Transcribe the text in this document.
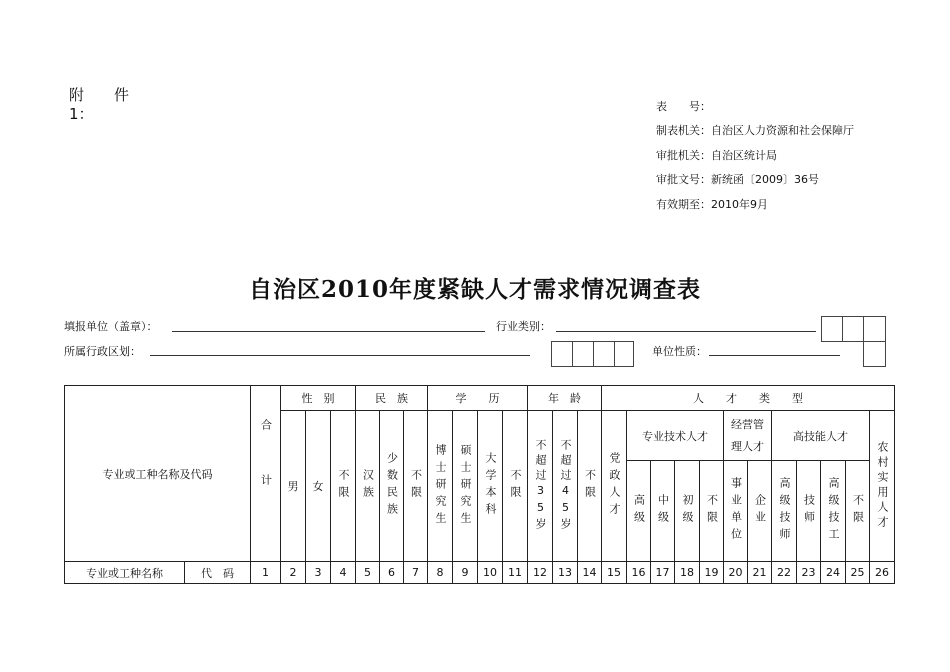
附　　件
1：	表　　号：
制表机关：自治区人力资源和社会保障厅
审批机关：自治区统计局
审批文号：新统函〔2009〕36号
有效期至：2010年9月
自治区2010年度紧缺人才需求情况调查表
填报单位（盖章）：	行业类别：
所属行政区划：	单位性质：
专业或工种名称及代码		合计	性　别			民　族			学　　历				年　龄			人　　才　　类　　型											
			男	女	不限	汉族	少数民族	不限	博士研究生	硕士研究生	大学本科	不限	不超过35岁	不超过45岁	不限	党政人才	专业技术人才				经营管理人才		高技能人才				农村实用人才

																	高级	中级	初级	不限	事业单位	企业	高级技师	技师	高级技工	不限	

专业或工种名称	代　码	1	2	3	4	5	6	7	8	9	10	11	12	13	14	15	16	17	18	19	20	21	22	23	24	25	26
